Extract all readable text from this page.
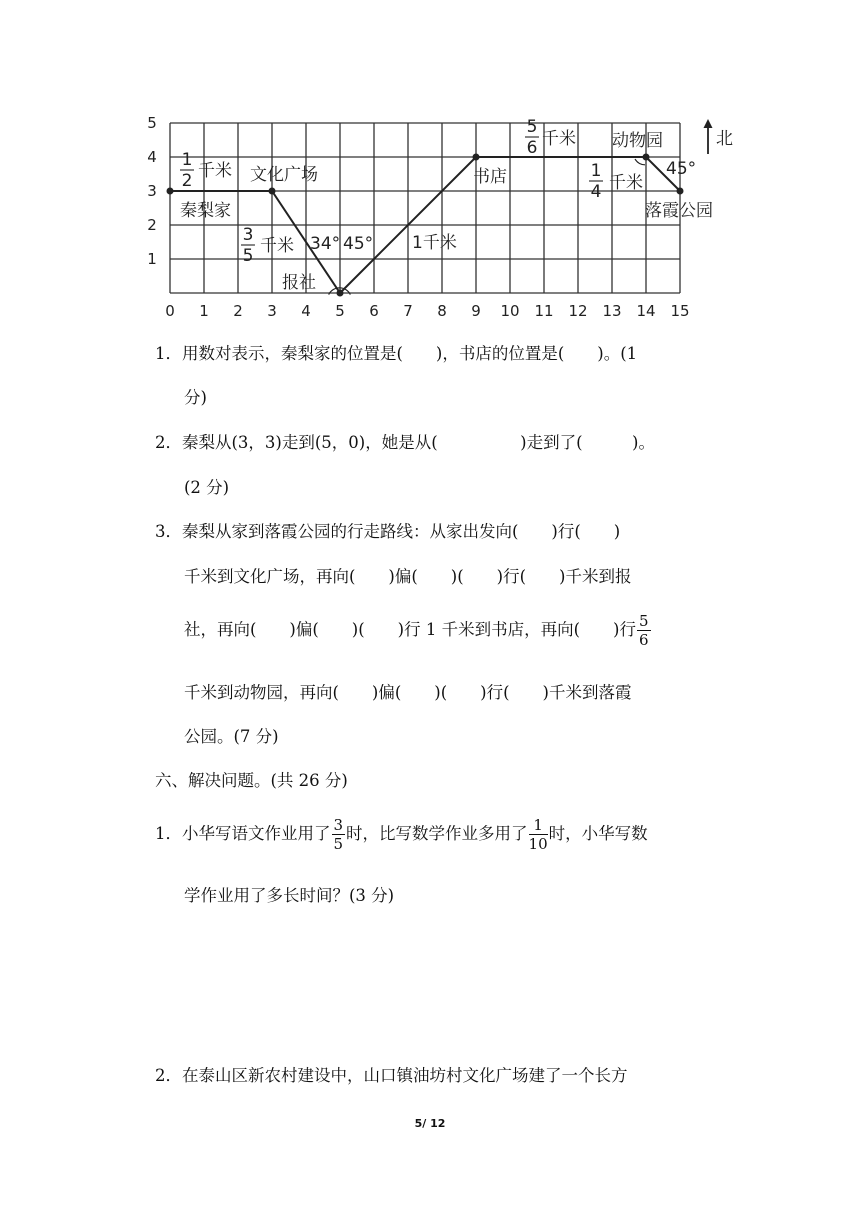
5
4
3
2
1
0 1 2 3 4 5 6 7 8 9 10 11 12 13 14 15
北
秦梨家
文化广场
报社
书店
动物园
落霞公园
1
2 千米
3
5 千米 34° 45° 1千米
5
6 千米
1
4 千米
45°
1．用数对表示，秦梨家的位置是(　　)，书店的位置是(　　)。(1
分)
2．秦梨从(3，3)走到(5，0)，她是从(　　　　　)走到了(　　　)。
(2 分)
3．秦梨从家到落霞公园的行走路线：从家出发向(　　)行(　　)
千米到文化广场，再向(　　)偏(　　)(　　)行(　　)千米到报
社，再向(　　)偏(　　)(　　)行 1 千米到书店，再向(　　)行 $\frac{5}{6}$
千米到动物园，再向(　　)偏(　　)(　　)行(　　)千米到落霞
公园。(7 分)
六、解决问题。(共 26 分)
1．小华写语文作业用了 $\frac{3}{5}$ 时，比写数学作业多用了 $\frac{1}{10}$ 时，小华写数
学作业用了多长时间？(3 分)
2．在泰山区新农村建设中，山口镇油坊村文化广场建了一个长方
5/ 12
